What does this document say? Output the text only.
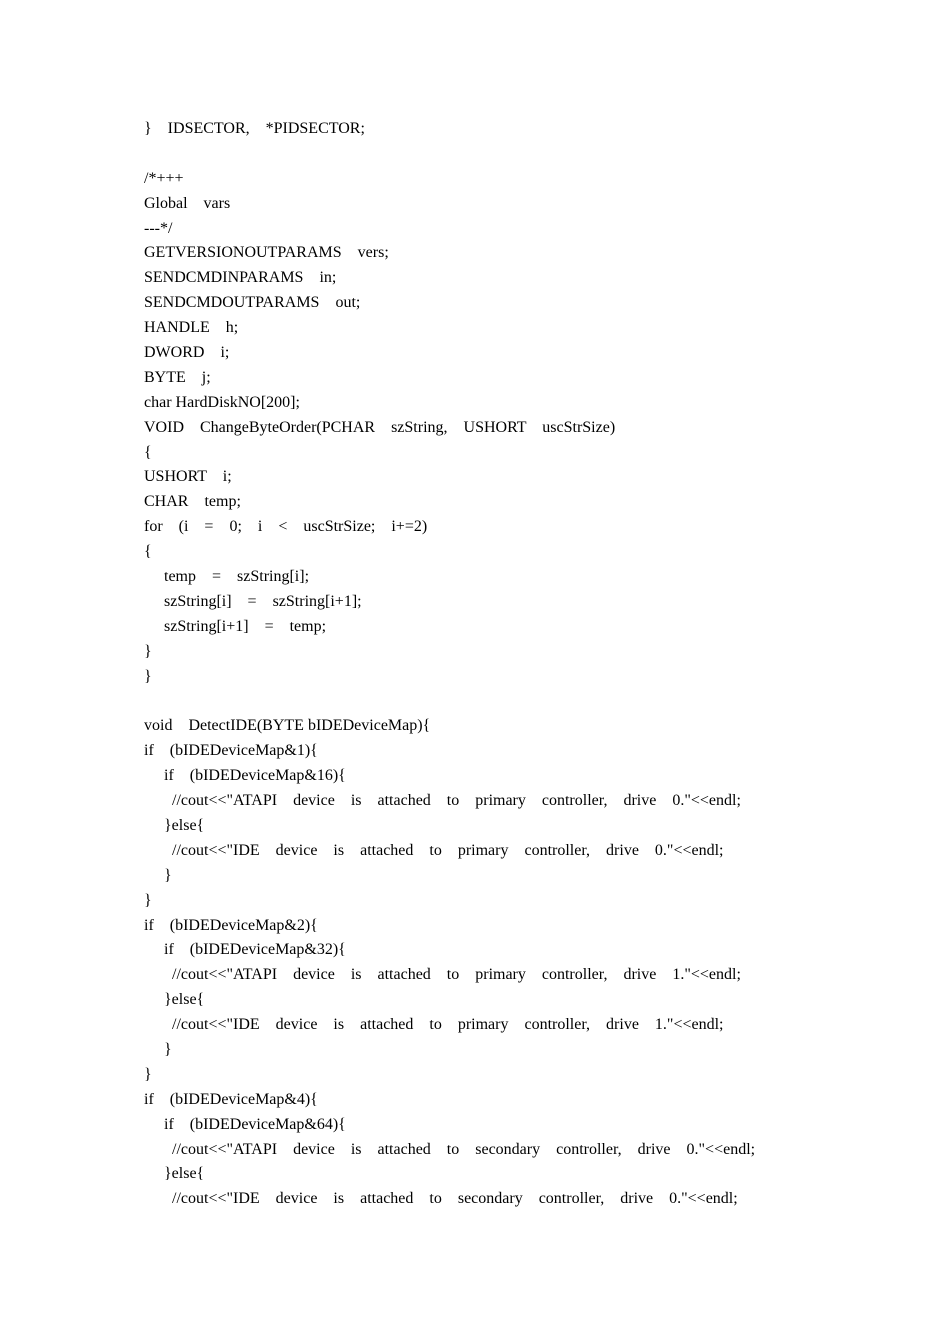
}    IDSECTOR,    *PIDSECTOR;
/*+++
Global    vars
---*/
GETVERSIONOUTPARAMS    vers;
SENDCMDINPARAMS    in;
SENDCMDOUTPARAMS    out;
HANDLE    h;
DWORD    i;
BYTE    j;
char HardDiskNO[200];
VOID    ChangeByteOrder(PCHAR    szString,    USHORT    uscStrSize)
{
USHORT    i;
CHAR    temp;
for    (i    =    0;    i    <    uscStrSize;    i+=2)
{
temp    =    szString[i];
szString[i]    =    szString[i+1];
szString[i+1]    =    temp;
}
}
void    DetectIDE(BYTE bIDEDeviceMap){
if    (bIDEDeviceMap&1){
if    (bIDEDeviceMap&16){
//cout<<"ATAPI    device    is    attached    to    primary    controller,    drive    0."<<endl;
}else{
//cout<<"IDE    device    is    attached    to    primary    controller,    drive    0."<<endl;
}
}
if    (bIDEDeviceMap&2){
if    (bIDEDeviceMap&32){
//cout<<"ATAPI    device    is    attached    to    primary    controller,    drive    1."<<endl;
}else{
//cout<<"IDE    device    is    attached    to    primary    controller,    drive    1."<<endl;
}
}
if    (bIDEDeviceMap&4){
if    (bIDEDeviceMap&64){
//cout<<"ATAPI    device    is    attached    to    secondary    controller,    drive    0."<<endl;
}else{
//cout<<"IDE    device    is    attached    to    secondary    controller,    drive    0."<<endl;
